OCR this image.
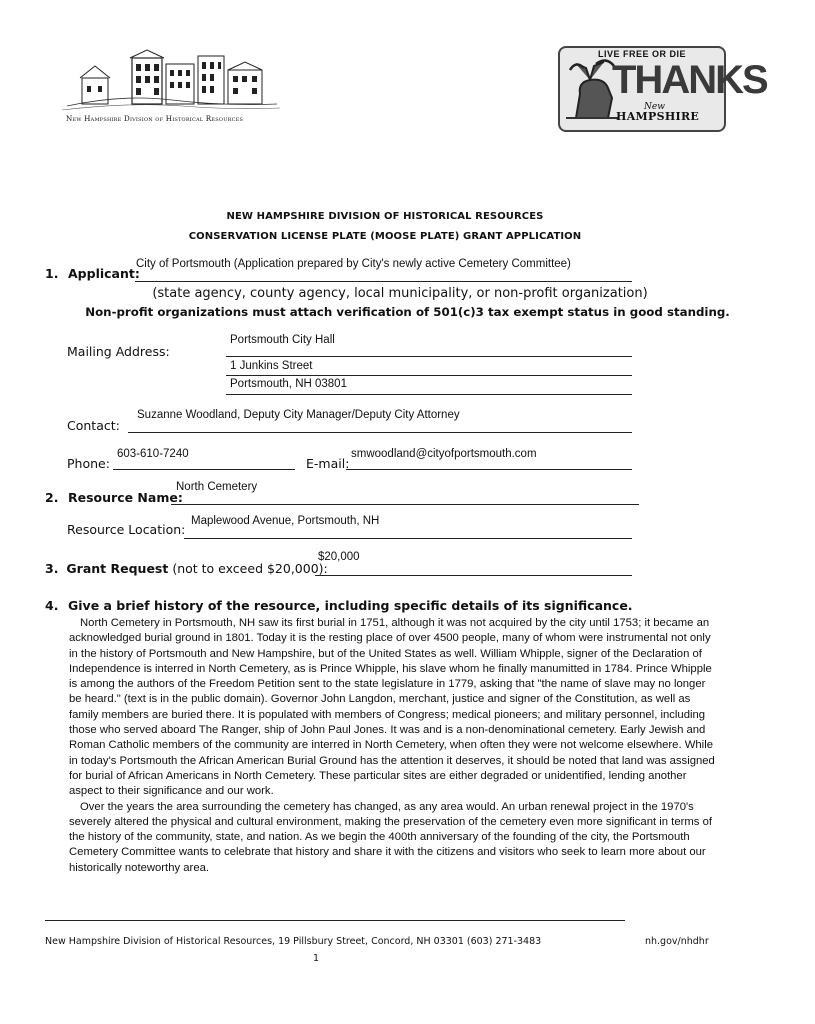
New Hampshire Division of Historical Resources
LIVE FREE OR DIE
THANKS
New
HAMPSHIRE
NEW HAMPSHIRE DIVISION OF HISTORICAL RESOURCES
CONSERVATION LICENSE PLATE (MOOSE PLATE) GRANT APPLICATION
1. Applicant:
City of Portsmouth (Application prepared by City's newly active Cemetery Committee)
(state agency, county agency, local municipality, or non-profit organization)
Non-profit organizations must attach verification of 501(c)3 tax exempt status in good standing.
Mailing Address:
Portsmouth City Hall
1 Junkins Street
Portsmouth, NH 03801
Contact:
Suzanne Woodland, Deputy City Manager/Deputy City Attorney
Phone:
603-610-7240
E-mail:
smwoodland@cityofportsmouth.com
2. Resource Name:
North Cemetery
Resource Location:
Maplewood Avenue, Portsmouth, NH
3. Grant Request (not to exceed $20,000):
$20,000
4. Give a brief history of the resource, including specific details of its significance.

North Cemetery in Portsmouth, NH saw its first burial in 1751, although it was not acquired by the city until 1753; it became an acknowledged burial ground in 1801. Today it is the resting place of over 4500 people, many of whom were instrumental not only in the history of Portsmouth and New Hampshire, but of the United States as well. William Whipple, signer of the Declaration of Independence is interred in North Cemetery, as is Prince Whipple, his slave whom he finally manumitted in 1784. Prince Whipple is among the authors of the Freedom Petition sent to the state legislature in 1779, asking that "the name of slave may no longer be heard." (text is in the public domain). Governor John Langdon, merchant, justice and signer of the Constitution, as well as family members are buried there. It is populated with members of Congress; medical pioneers; and military personnel, including those who served aboard The Ranger, ship of John Paul Jones. It was and is a non-denominational cemetery. Early Jewish and Roman Catholic members of the community are interred in North Cemetery, when often they were not welcome elsewhere. While in today's Portsmouth the African American Burial Ground has the attention it deserves, it should be noted that land was assigned for burial of African Americans in North Cemetery. These particular sites are either degraded or unidentified, lending another aspect to their significance and our work.

Over the years the area surrounding the cemetery has changed, as any area would. An urban renewal project in the 1970's severely altered the physical and cultural environment, making the preservation of the cemetery even more significant in terms of the history of the community, state, and nation. As we begin the 400th anniversary of the founding of the city, the Portsmouth Cemetery Committee wants to celebrate that history and share it with the citizens and visitors who seek to learn more about our historically noteworthy area.

New Hampshire Division of Historical Resources, 19 Pillsbury Street, Concord, NH 03301 (603) 271-3483	nh.gov/nhdhr
1
